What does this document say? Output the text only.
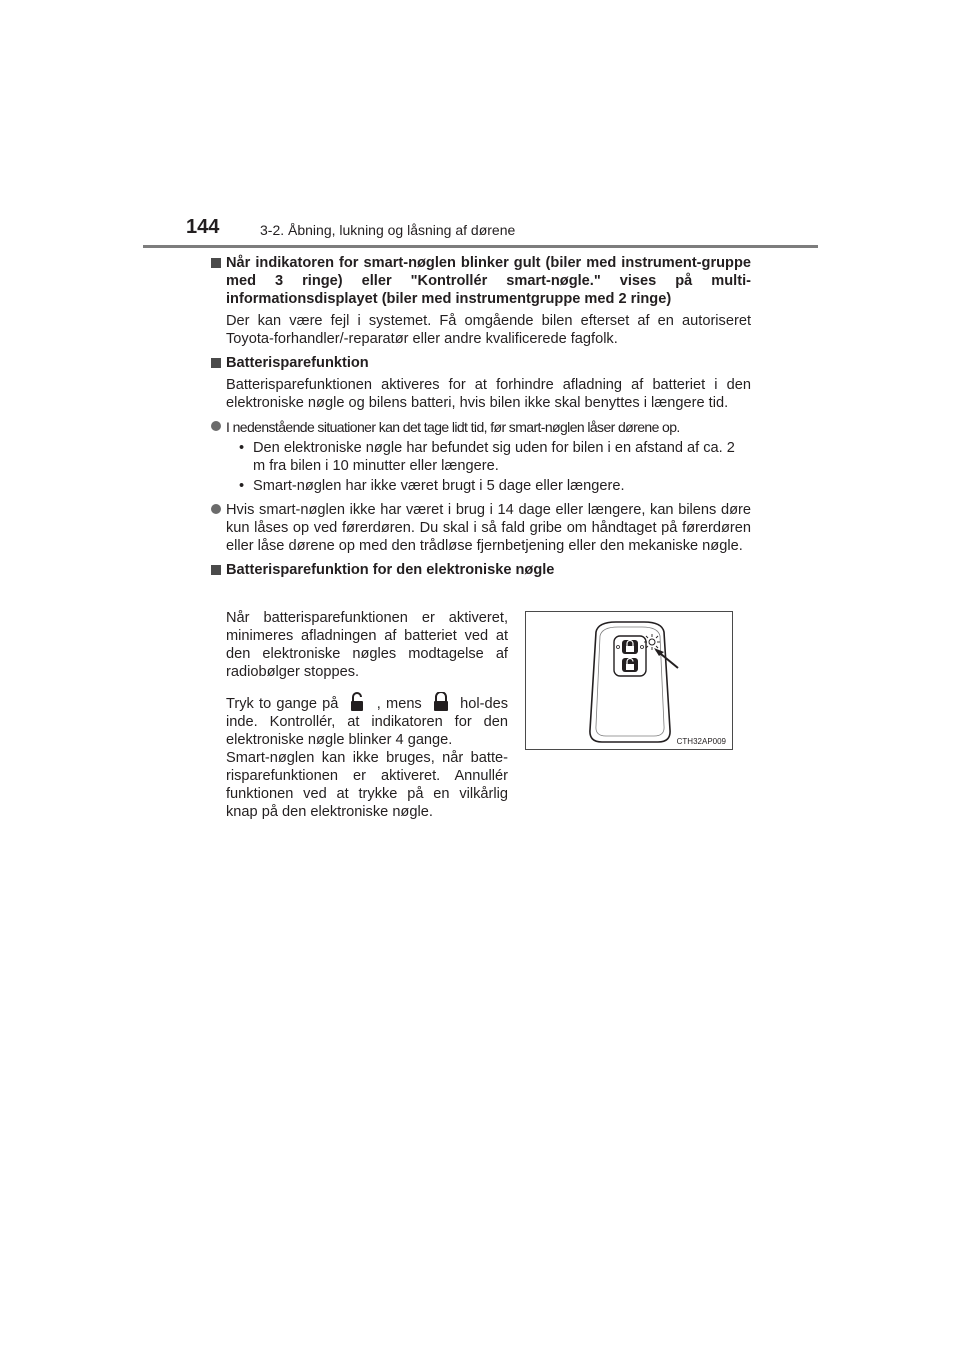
144	3-2. Åbning, lukning og låsning af dørene
Når indikatoren for smart-nøglen blinker gult (biler med instrument-gruppe med 3 ringe) eller "Kontrollér smart-nøgle." vises på multi-informationsdisplayet (biler med instrumentgruppe med 2 ringe)
Der kan være fejl i systemet. Få omgående bilen efterset af en autoriseret Toyota-forhandler/-reparatør eller andre kvalificerede fagfolk.
Batterisparefunktion
Batterisparefunktionen aktiveres for at forhindre afladning af batteriet i den elektroniske nøgle og bilens batteri, hvis bilen ikke skal benyttes i længere tid.
I nedenstående situationer kan det tage lidt tid, før smart-nøglen låser dørene op.
• Den elektroniske nøgle har befundet sig uden for bilen i en afstand af ca. 2 m fra bilen i 10 minutter eller længere.
• Smart-nøglen har ikke været brugt i 5 dage eller længere.
Hvis smart-nøglen ikke har været i brug i 14 dage eller længere, kan bilens døre kun låses op ved førerdøren. Du skal i så fald gribe om håndtaget på førerdøren eller låse dørene op med den trådløse fjernbetjening eller den mekaniske nøgle.
Batterisparefunktion for den elektroniske nøgle
Når batterisparefunktionen er aktiveret, minimeres afladningen af batteriet ved at den elektroniske nøgles modtagelse af radiobølger stoppes.
Tryk to gange på	, mens	hol-des inde. Kontrollér, at indikatoren for den elektroniske nøgle blinker 4 gange.
Smart-nøglen kan ikke bruges, når batte-risparefunktionen er aktiveret. Annullér funktionen ved at trykke på en vilkårlig knap på den elektroniske nøgle.
CTH32AP009
